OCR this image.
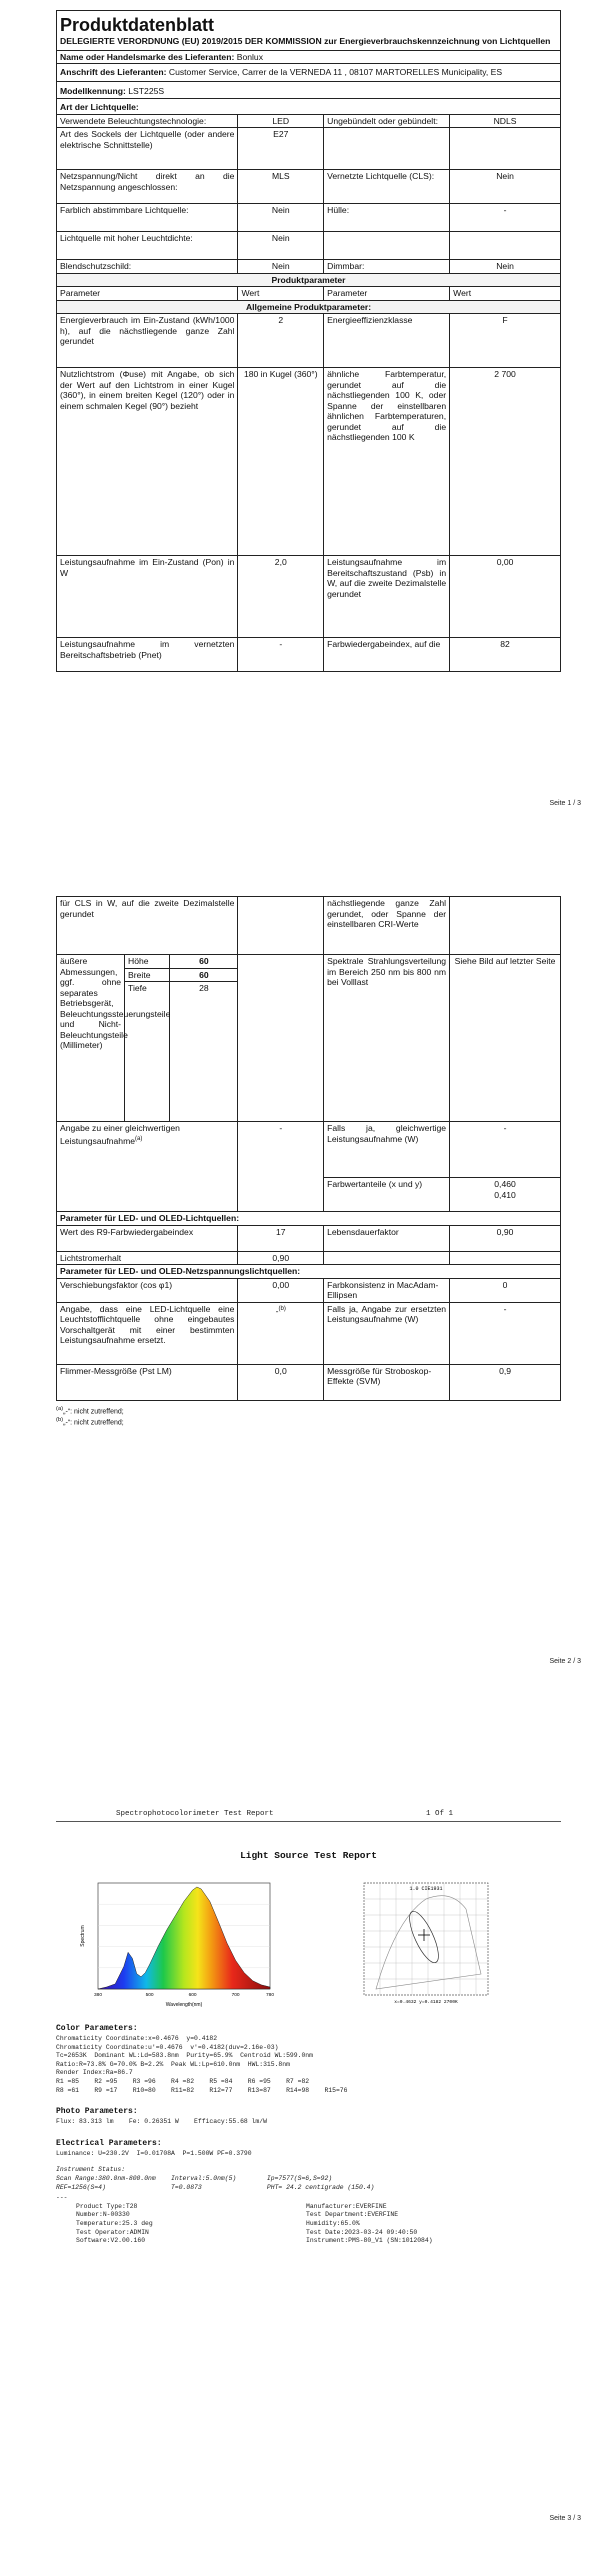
Produktdatenblatt
DELEGIERTE VERORDNUNG (EU) 2019/2015 DER KOMMISSION zur Energieverbrauchskennzeichnung von Lichtquellen			

Name oder Handelsmarke des Lieferanten: Bonlux			
Anschrift des Lieferanten: Customer Service, Carrer de la VERNEDA 11 , 08107 MARTORELLES Municipality, ES			
Modellkennung: LST225S			
Art der Lichtquelle:			
Verwendete Beleuchtungstechnologie:	LED	Ungebündelt oder gebündelt:	NDLS
Art des Sockels der Lichtquelle (oder andere elektrische Schnittstelle)	E27		
Netzspannung/Nicht direkt an die Netzspannung angeschlossen:	MLS	Vernetzte Lichtquelle (CLS):	Nein
Farblich abstimmbare Lichtquelle:	Nein	Hülle:	-
Lichtquelle mit hoher Leuchtdichte:	Nein		
Blendschutzschild:	Nein	Dimmbar:	Nein
Produktparameter			
Parameter	Wert	Parameter	Wert
Allgemeine Produktparameter:			
Energieverbrauch im Ein-Zustand (kWh/1000 h), auf die nächstliegende ganze Zahl gerundet	2	Energieeffizienzklasse	F
Nutzlichtstrom (Φuse) mit Angabe, ob sich der Wert auf den Lichtstrom in einer Kugel (360°), in einem breiten Kegel (120°) oder in einem schmalen Kegel (90°) bezieht	180 in Kugel (360°)	ähnliche Farbtemperatur, gerundet auf die nächstliegenden 100 K, oder Spanne der einstellbaren ähnlichen Farbtemperaturen, gerundet auf die nächstliegenden 100 K	2 700
Leistungsaufnahme im Ein-Zustand (Pon) in W	2,0	Leistungsaufnahme im Bereitschaftszustand (Psb) in W, auf die zweite Dezimalstelle gerundet	0,00
Leistungsaufnahme im vernetzten Bereitschaftsbetrieb (Pnet)	-	Farbwiedergabeindex, auf die	82
Seite 1 / 3
für CLS in W, auf die zweite Dezimalstelle gerundet				nächstliegende ganze Zahl gerundet, oder Spanne der einstellbaren CRI-Werte	
äußere Abmessungen, ggf. ohne separates Betriebsgerät, Beleuchtungssteuerungsteile und Nicht-Beleuchtungsteile (Millimeter)	Höhe	60		Spektrale Strahlungsverteilung im Bereich 250 nm bis 800 nm bei Volllast	Siehe Bild auf letzter Seite
	Breite	60			
	Tiefe	28			
Angabe zu einer gleichwertigen Leistungsaufnahme$^{(a)}$			-	Falls ja, gleichwertige Leistungsaufnahme (W)	-
				Farbwertanteile (x und y)	0,460
0,410

Parameter für LED- und OLED-Lichtquellen:					
Wert des R9-Farbwiedergabeindex			17	Lebensdauerfaktor	0,90
Lichtstromerhalt			0,90		
Parameter für LED- und OLED-Netzspannungslichtquellen:					
Verschiebungsfaktor (cos φ1)			0,00	Farbkonsistenz in MacAdam-Ellipsen	0
Angabe, dass eine LED-Lichtquelle eine Leuchtstofflichtquelle ohne eingebautes Vorschaltgerät mit einer bestimmten Leistungsaufnahme ersetzt.			-$^{(b)}$	Falls ja, Angabe zur ersetzten Leistungsaufnahme (W)	-
Flimmer-Messgröße (Pst LM)			0,0	Messgröße für Stroboskop-Effekte (SVM)	0,9
$^{(a)}$„-“: nicht zutreffend;
$^{(b)}$„-“: nicht zutreffend;
Seite 2 / 3
Spectrophotocolorimeter Test Report	1 Of 1
Light Source Test Report
380	500	600	700	780
Wavelength(nm)
Spectrum
1.0 CIE1931
x=0.4632 y=0.4182 2700K
Color Parameters:
Chromaticity Coordinate:x=0.4676  y=0.4182
Chromaticity Coordinate:u'=0.4676  v'=0.4182(duv=2.16e-03)
Tc=2653K  Dominant WL:Ld=583.8nm  Purity=65.9%  Centroid WL:599.0nm
Ratio:R=73.8% G=70.0% B=2.2%  Peak WL:Lp=610.0nm  HWL:315.8nm
Render Index:Ra=86.7
R1 =85    R2 =95    R3 =96    R4 =82    R5 =84    R6 =95    R7 =82
R8 =61    R9 =17    R10=80    R11=82    R12=77    R13=87    R14=98    R15=76
Photo Parameters:
Flux: 83.313 lm    Fe: 0.26351 W    Efficacy:55.68 lm/W
Electrical Parameters:
Luminance: U=230.2V  I=0.01708A  P=1.500W PF=0.3790
Instrument Status:
Scan Range:380.0nm-800.0nm    Interval:5.0nm(5)        Ip=7577(S=6,S=92)
REF=1256(S=4)                 T=0.0873                 PHT= 24.2 centigrade (150.4)
---
Product Type:T28
Number:N-00330
Temperature:25.3 deg
Test Operator:ADMIN
Software:V2.00.160
Manufacturer:EVERFINE
Test Department:EVERFINE
Humidity:65.0%
Test Date:2023-03-24 09:40:50
Instrument:PMS-80_V1 (SN:1012084)
Seite 3 / 3
